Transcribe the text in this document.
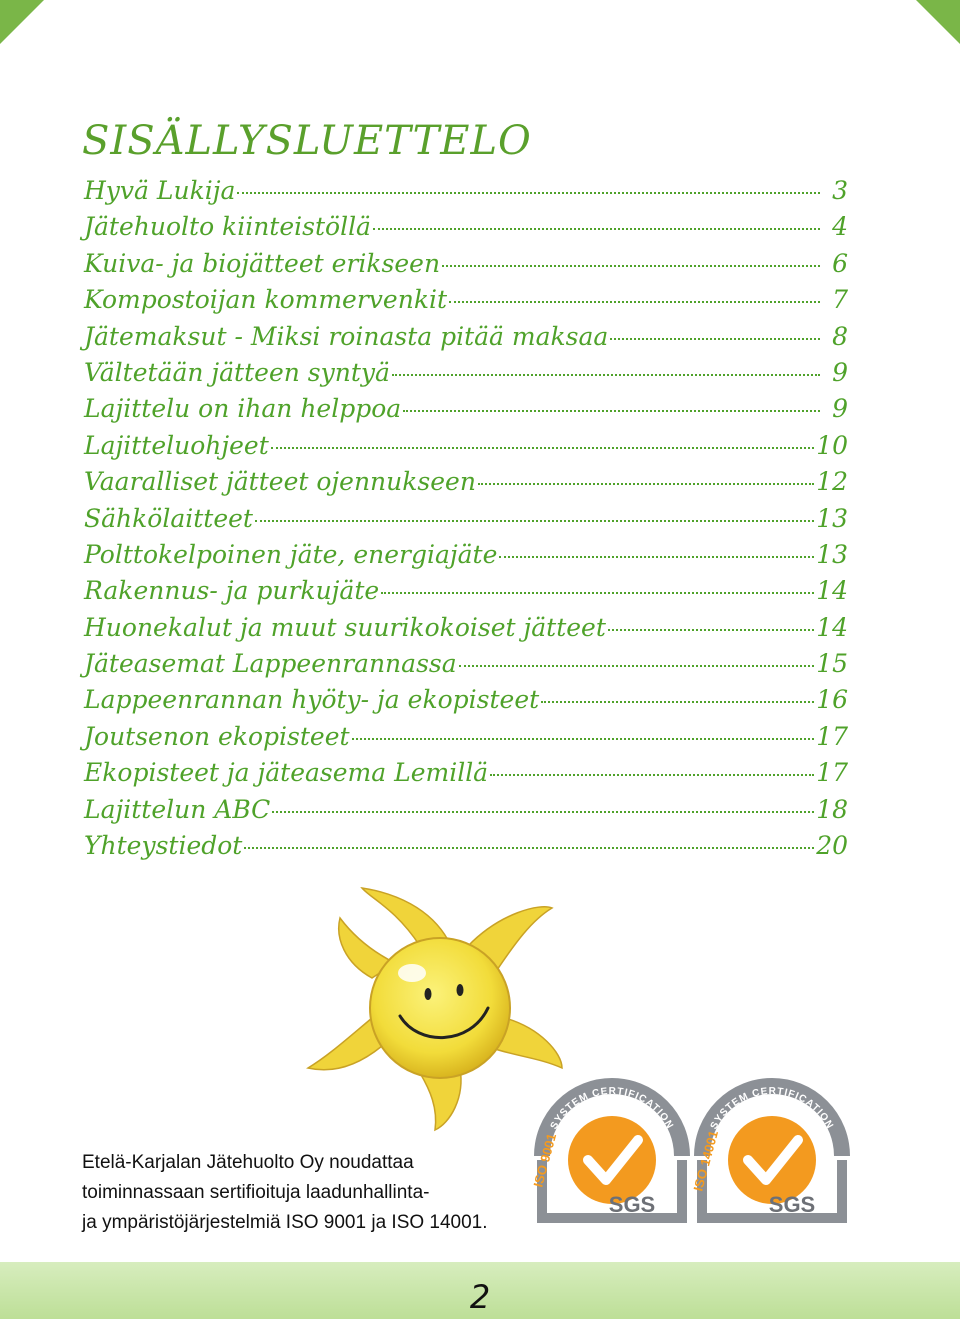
SISÄLLYSLUETTELO
Hyvä Lukija	3
Jätehuolto kiinteistöllä	4
Kuiva- ja biojätteet erikseen	6
Kompostoijan kommervenkit	7
Jätemaksut - Miksi roinasta pitää maksaa	8
Vältetään jätteen syntyä	9
Lajittelu on ihan helppoa	9
Lajitteluohjeet	10
Vaaralliset jätteet ojennukseen	12
Sähkölaitteet	13
Polttokelpoinen jäte, energiajäte	13
Rakennus- ja purkujäte	14
Huonekalut ja muut suurikokoiset jätteet	14
Jäteasemat Lappeenrannassa	15
Lappeenrannan hyöty- ja ekopisteet	16
Joutsenon ekopisteet	17
Ekopisteet ja jäteasema Lemillä	17
Lajittelun ABC	18
Yhteystiedot	20
Etelä-Karjalan Jätehuolto Oy noudattaa
toiminnassaan sertifioituja laadunhallinta-
ja ympäristöjärjestelmiä ISO 9001 ja ISO 14001.
SYSTEM CERTIFICATION
ISO 9001
SGS
SYSTEM CERTIFICATION
ISO 14001
SGS
2
